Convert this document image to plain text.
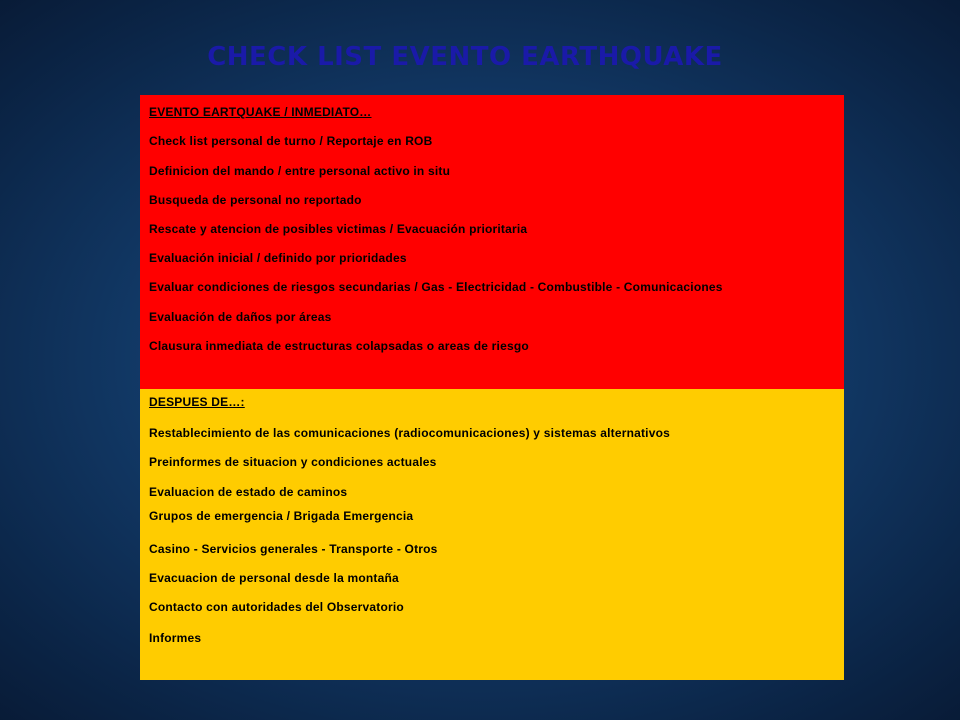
CHECK LIST EVENTO EARTHQUAKE
EVENTO EARTQUAKE / INMEDIATO…
Check list personal de turno / Reportaje en ROB
Definicion del mando / entre personal activo in situ
Busqueda de personal no reportado
Rescate y atencion de posibles victimas / Evacuación prioritaria
Evaluación inicial / definido por prioridades
Evaluar condiciones de riesgos secundarias / Gas - Electricidad - Combustible - Comunicaciones
Evaluación de daños por áreas
Clausura inmediata de estructuras colapsadas o areas de riesgo
DESPUES DE…:
Restablecimiento de las comunicaciones (radiocomunicaciones) y sistemas alternativos
Preinformes de situacion y condiciones actuales
Evaluacion de estado de caminos
Grupos de emergencia / Brigada Emergencia
Casino - Servicios generales - Transporte - Otros
Evacuacion de personal desde la montaña
Contacto con autoridades del Observatorio
Informes
